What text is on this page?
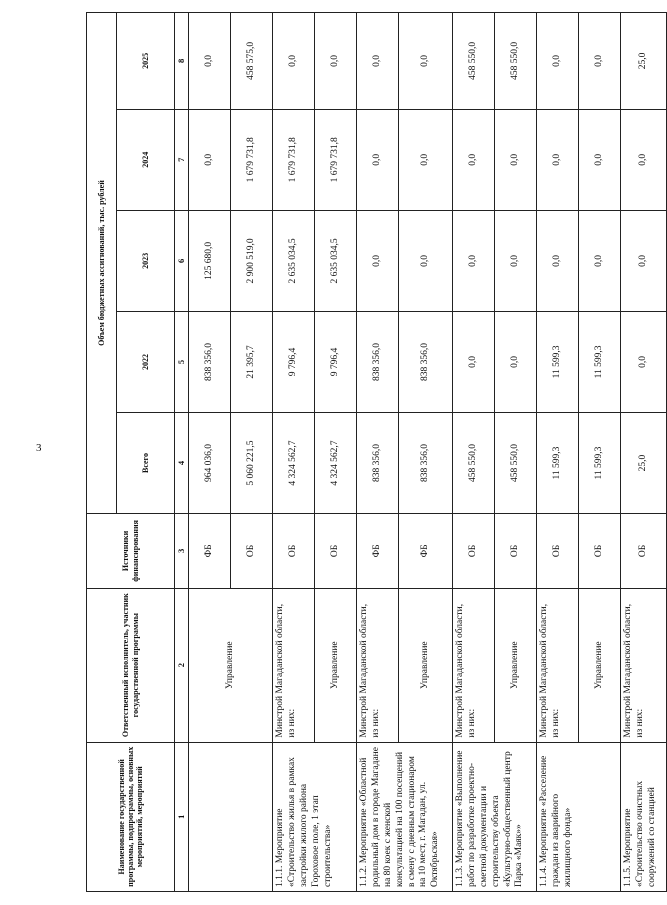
3
Наименование государственной программы, подпрограммы, основных мероприятий, мероприятий	Ответственный исполнитель, участник государственной программы	Источники финансирования	Объем бюджетных ассигнований, тыс. рублей				
			Всего	2022	2023	2024	2025
1	2	3	4	5	6	7	8
	Управление	ФБ	964 036,0	838 356,0	125 680,0	0,0	0,0
		ОБ	5 060 221,5	21 395,7	2 900 519,0	1 679 731,8	458 575,0
1.1.1. Мероприятие «Строительство жилья в рамках застройки жилого района Гороховое поле, 1 этап строительства»	Минстрой Магаданской области, из них:	ОБ	4 324 562,7	9 796,4	2 635 034,5	1 679 731,8	0,0
	Управление	ОБ	4 324 562,7	9 796,4	2 635 034,5	1 679 731,8	0,0
1.1.2. Мероприятие «Областной родильный дом в городе Магадане на 80 коек с женской консультацией на 100 посещений в смену с дневным стационаром на 10 мест, г. Магадан, ул. Октябрьская»	Минстрой Магаданской области, из них:	ФБ	838 356,0	838 356,0	0,0	0,0	0,0
	Управление	ФБ	838 356,0	838 356,0	0,0	0,0	0,0
1.1.3. Мероприятие «Выполнение работ по разработке проектно-сметной документации и строительству объекта «Культурно-общественный центр Парка «Маяк»»	Минстрой Магаданской области, из них:	ОБ	458 550,0	0,0	0,0	0,0	458 550,0
	Управление	ОБ	458 550,0	0,0	0,0	0,0	458 550,0
1.1.4. Мероприятие «Расселение граждан из аварийного жилищного фонда»	Минстрой Магаданской области, из них:	ОБ	11 599,3	11 599,3	0,0	0,0	0,0
	Управление	ОБ	11 599,3	11 599,3	0,0	0,0	0,0
1.1.5. Мероприятие «Строительство очистных сооружений со станцией	Минстрой Магаданской области, из них:	ОБ	25,0	0,0	0,0	0,0	25,0
